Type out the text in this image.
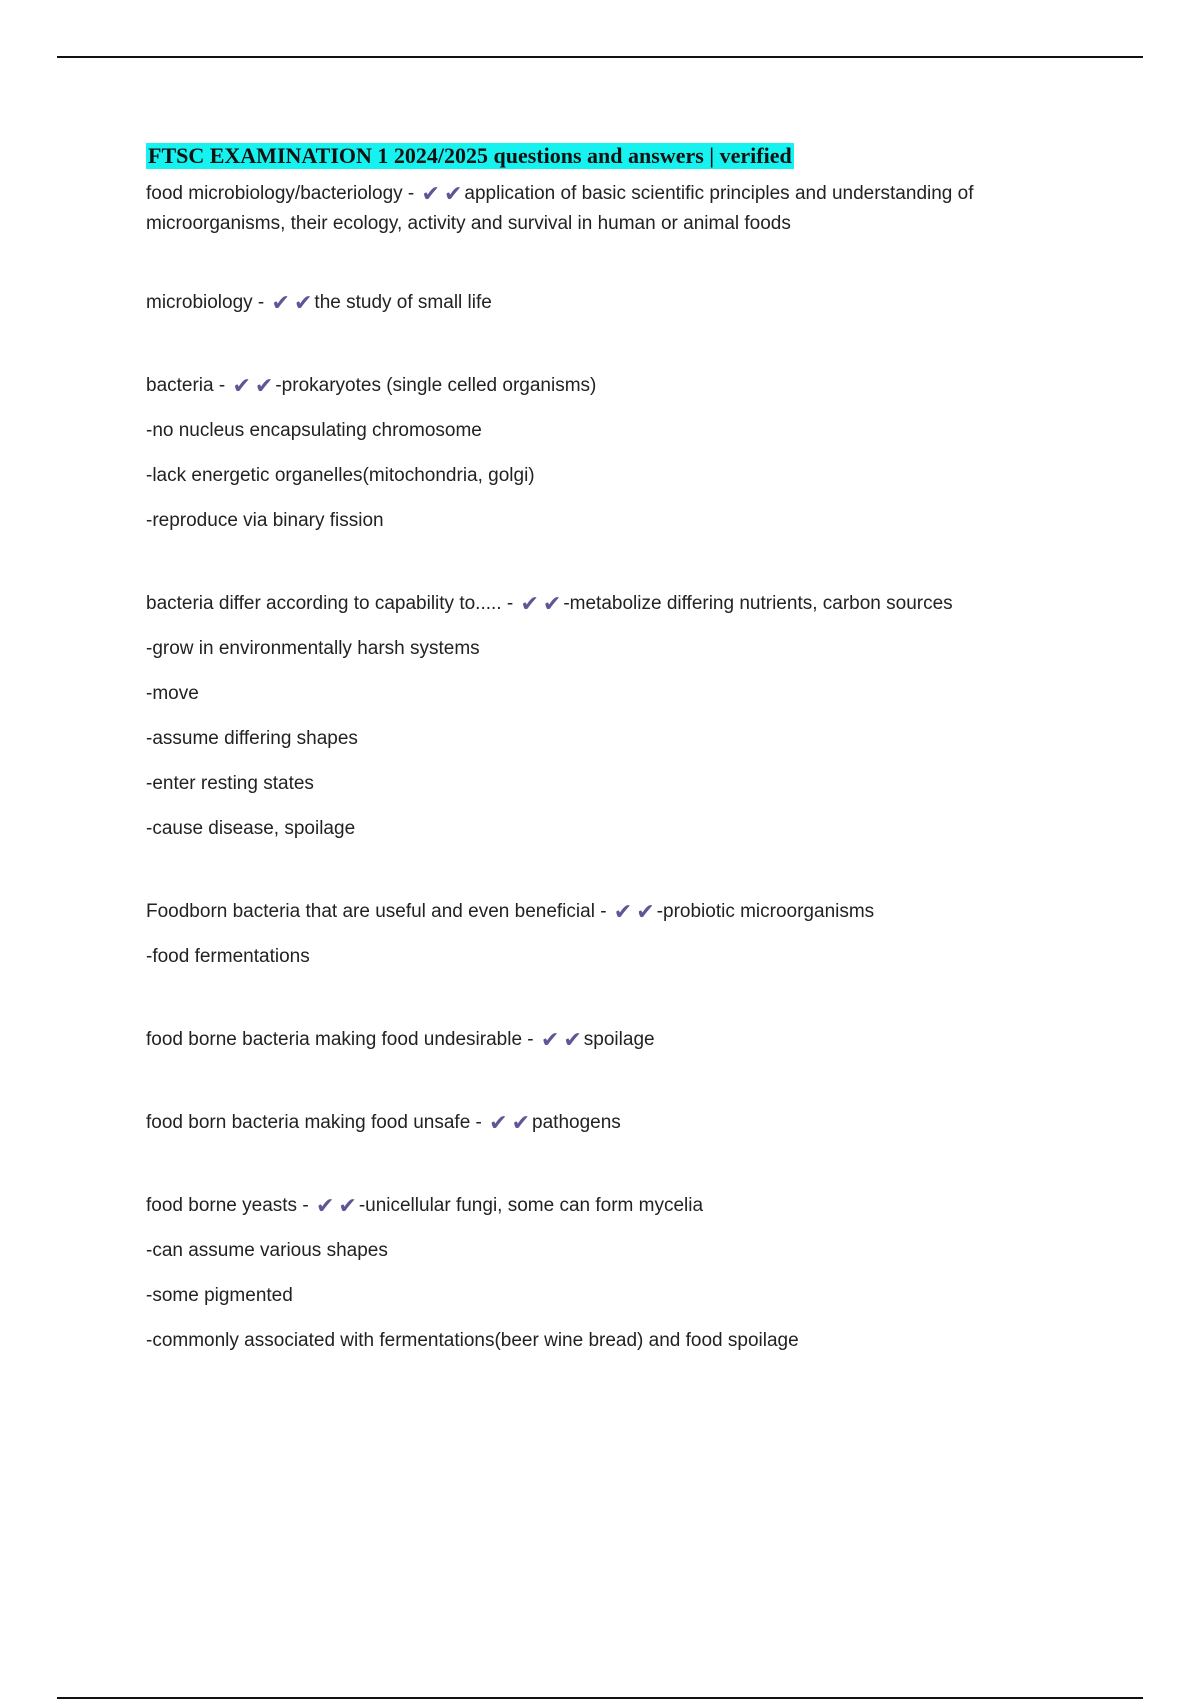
FTSC EXAMINATION 1 2024/2025 questions and answers | verified

food microbiology/bacteriology - ✔ ✔ application of basic scientific principles and understanding of

microorganisms, their ecology, activity and survival in human or animal foods

microbiology - ✔ ✔ the study of small life

bacteria - ✔ ✔ -prokaryotes (single celled organisms)

-no nucleus encapsulating chromosome

-lack energetic organelles(mitochondria, golgi)

-reproduce via binary fission

bacteria differ according to capability to..... - ✔ ✔ -metabolize differing nutrients, carbon sources

-grow in environmentally harsh systems

-move

-assume differing shapes

-enter resting states

-cause disease, spoilage

Foodborn bacteria that are useful and even beneficial - ✔ ✔ -probiotic microorganisms

-food fermentations

food borne bacteria making food undesirable - ✔ ✔ spoilage

food born bacteria making food unsafe - ✔ ✔ pathogens

food borne yeasts - ✔ ✔ -unicellular fungi, some can form mycelia

-can assume various shapes

-some pigmented

-commonly associated with fermentations(beer wine bread) and food spoilage
